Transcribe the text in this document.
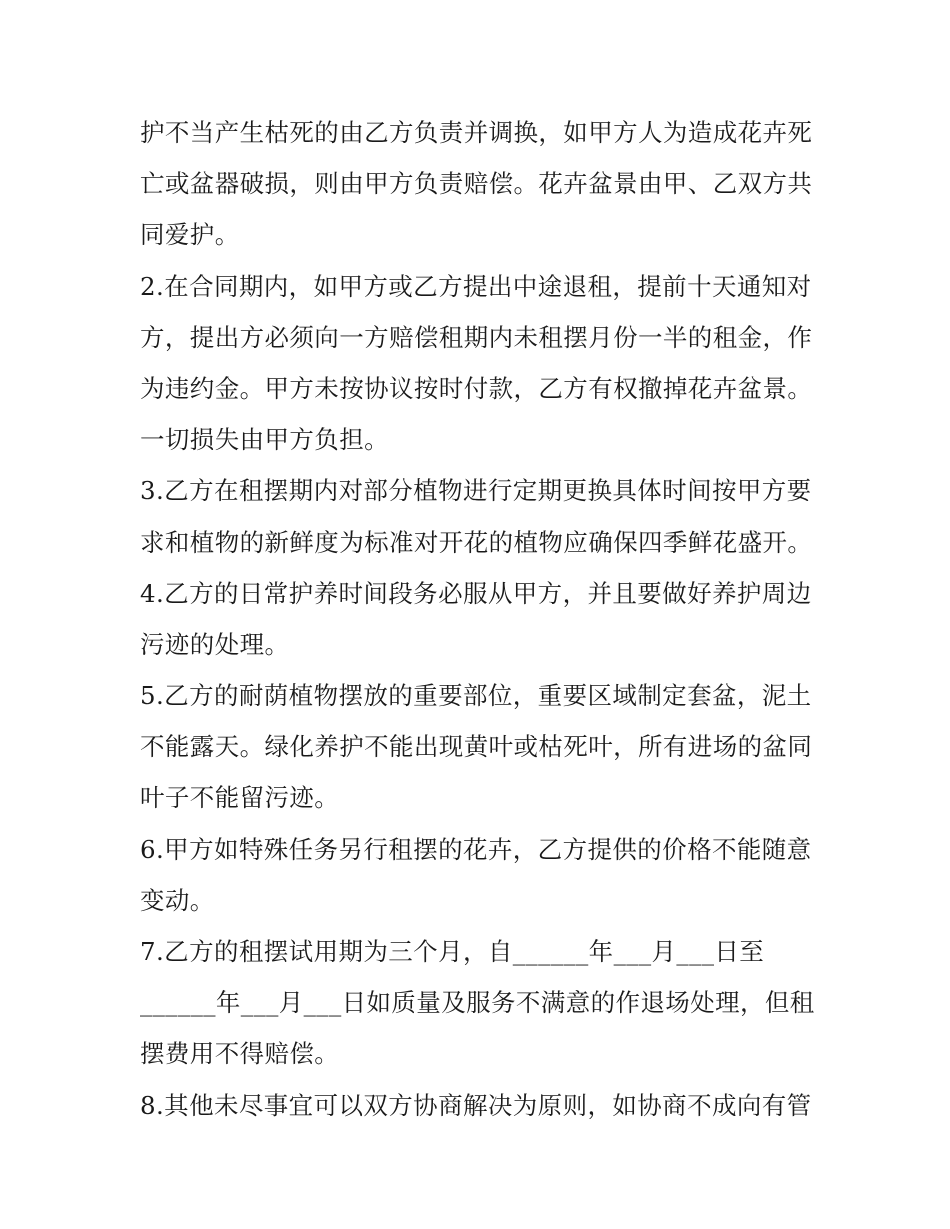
护不当产生枯死的由乙方负责并调换，如甲方人为造成花卉死
亡或盆器破损，则由甲方负责赔偿。花卉盆景由甲、乙双方共
同爱护。
2.在合同期内，如甲方或乙方提出中途退租，提前十天通知对
方，提出方必须向一方赔偿租期内未租摆月份一半的租金，作
为违约金。甲方未按协议按时付款，乙方有权撤掉花卉盆景。
一切损失由甲方负担。
3.乙方在租摆期内对部分植物进行定期更换具体时间按甲方要
求和植物的新鲜度为标准对开花的植物应确保四季鲜花盛开。
4.乙方的日常护养时间段务必服从甲方，并且要做好养护周边
污迹的处理。
5.乙方的耐荫植物摆放的重要部位，重要区域制定套盆，泥土
不能露天。绿化养护不能出现黄叶或枯死叶，所有进场的盆同
叶子不能留污迹。
6.甲方如特殊任务另行租摆的花卉，乙方提供的价格不能随意
变动。
7.乙方的租摆试用期为三个月，自______年___月___日至
______年___月___日如质量及服务不满意的作退场处理，但租
摆费用不得赔偿。
8.其他未尽事宜可以双方协商解决为原则，如协商不成向有管
